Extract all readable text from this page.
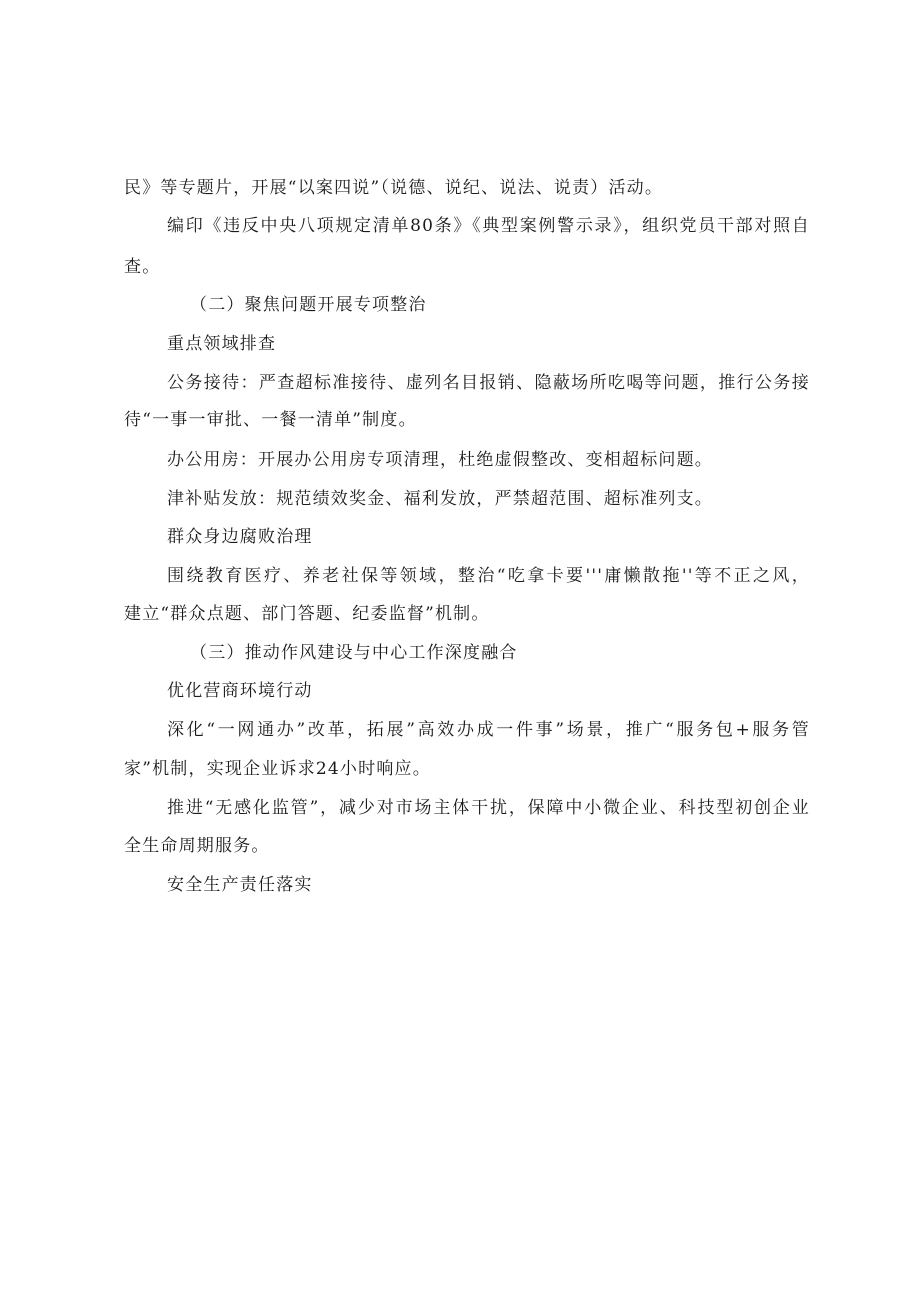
民》等专题片，开展“以案四说”（说德、说纪、说法、说责）活动。
编印《违反中央八项规定清单80条》《典型案例警示录》，组织党员干部对照自
查。
（二）聚焦问题开展专项整治
重点领域排查
公务接待：严查超标准接待、虚列名目报销、隐蔽场所吃喝等问题，推行公务接
待“一事一审批、一餐一清单”制度。
办公用房：开展办公用房专项清理，杜绝虚假整改、变相超标问题。
津补贴发放：规范绩效奖金、福利发放，严禁超范围、超标准列支。
群众身边腐败治理
围绕教育医疗、养老社保等领域，整治“吃拿卡要'''庸懒散拖''等不正之风，
建立“群众点题、部门答题、纪委监督”机制。
（三）推动作风建设与中心工作深度融合
优化营商环境行动
深化“一网通办”改革，拓展”高效办成一件事”场景，推广“服务包+服务管
家”机制，实现企业诉求24小时响应。
推进“无感化监管”，减少对市场主体干扰，保障中小微企业、科技型初创企业
全生命周期服务。
安全生产责任落实
